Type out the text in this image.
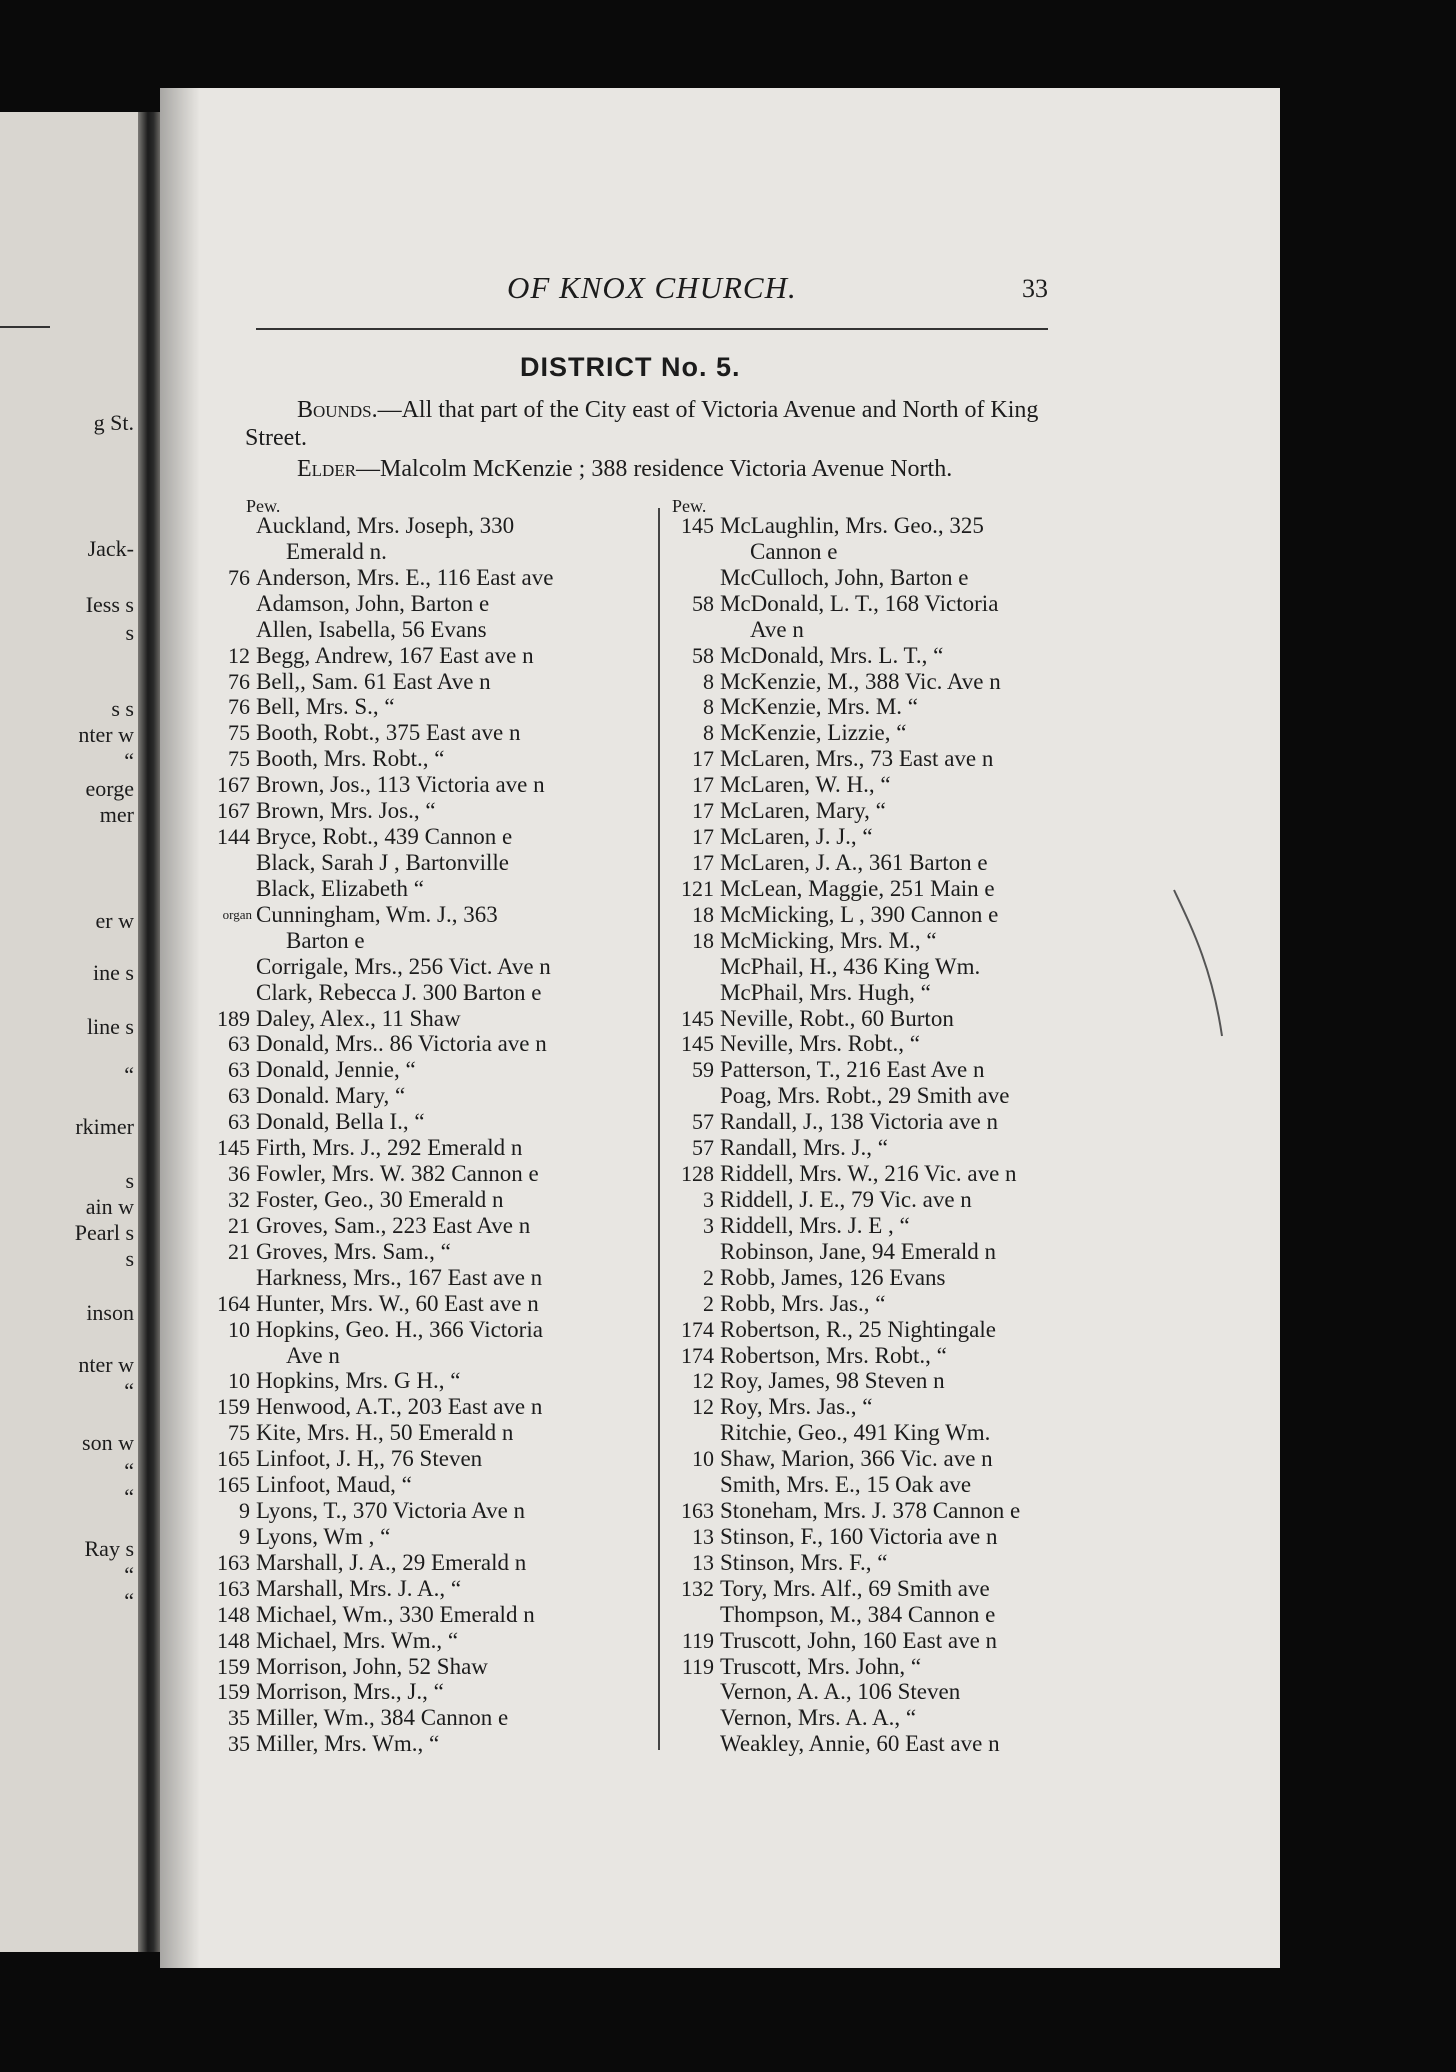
g St.
Jack-
Iess s
s
s s
nter w
“
eorge
mer
er w
ine s
line s
“
rkimer
s
ain w
Pearl s
s
inson
nter w
“
son w
“
“
Ray s
“
“
OF KNOX CHURCH.	33
DISTRICT No. 5.
Bounds.—All that part of the City east of Victoria Avenue and North of King Street.
Elder—Malcolm McKenzie ; 388 residence Victoria Avenue North.
Pew.	Pew.
Auckland, Mrs. Joseph, 330
Emerald n.
76 Anderson, Mrs. E., 116 East ave
Adamson, John, Barton e
Allen, Isabella, 56 Evans
12 Begg, Andrew, 167 East ave n
76 Bell,, Sam. 61 East Ave n
76 Bell, Mrs. S., “
75 Booth, Robt., 375 East ave n
75 Booth, Mrs. Robt., “
167 Brown, Jos., 113 Victoria ave n
167 Brown, Mrs. Jos., “
144 Bryce, Robt., 439 Cannon e
Black, Sarah J , Bartonville
Black, Elizabeth “
organ Cunningham, Wm. J., 363
Barton e
Corrigale, Mrs., 256 Vict. Ave n
Clark, Rebecca J. 300 Barton e
189 Daley, Alex., 11 Shaw
63 Donald, Mrs.. 86 Victoria ave n
63 Donald, Jennie, “
63 Donald. Mary, “
63 Donald, Bella I., “
145 Firth, Mrs. J., 292 Emerald n
36 Fowler, Mrs. W. 382 Cannon e
32 Foster, Geo., 30 Emerald n
21 Groves, Sam., 223 East Ave n
21 Groves, Mrs. Sam., “
Harkness, Mrs., 167 East ave n
164 Hunter, Mrs. W., 60 East ave n
10 Hopkins, Geo. H., 366 Victoria
Ave n
10 Hopkins, Mrs. G H., “
159 Henwood, A.T., 203 East ave n
75 Kite, Mrs. H., 50 Emerald n
165 Linfoot, J. H,, 76 Steven
165 Linfoot, Maud, “
9 Lyons, T., 370 Victoria Ave n
9 Lyons, Wm , “
163 Marshall, J. A., 29 Emerald n
163 Marshall, Mrs. J. A., “
148 Michael, Wm., 330 Emerald n
148 Michael, Mrs. Wm., “
159 Morrison, John, 52 Shaw
159 Morrison, Mrs., J., “
35 Miller, Wm., 384 Cannon e
35 Miller, Mrs. Wm., “
145 McLaughlin, Mrs. Geo., 325
Cannon e
McCulloch, John, Barton e
58 McDonald, L. T., 168 Victoria
Ave n
58 McDonald, Mrs. L. T., “
8 McKenzie, M., 388 Vic. Ave n
8 McKenzie, Mrs. M. “
8 McKenzie, Lizzie, “
17 McLaren, Mrs., 73 East ave n
17 McLaren, W. H., “
17 McLaren, Mary, “
17 McLaren, J. J., “
17 McLaren, J. A., 361 Barton e
121 McLean, Maggie, 251 Main e
18 McMicking, L , 390 Cannon e
18 McMicking, Mrs. M., “
McPhail, H., 436 King Wm.
McPhail, Mrs. Hugh, “
145 Neville, Robt., 60 Burton
145 Neville, Mrs. Robt., “
59 Patterson, T., 216 East Ave n
Poag, Mrs. Robt., 29 Smith ave
57 Randall, J., 138 Victoria ave n
57 Randall, Mrs. J., “
128 Riddell, Mrs. W., 216 Vic. ave n
3 Riddell, J. E., 79 Vic. ave n
3 Riddell, Mrs. J. E , “
Robinson, Jane, 94 Emerald n
2 Robb, James, 126 Evans
2 Robb, Mrs. Jas., “
174 Robertson, R., 25 Nightingale
174 Robertson, Mrs. Robt., “
12 Roy, James, 98 Steven n
12 Roy, Mrs. Jas., “
Ritchie, Geo., 491 King Wm.
10 Shaw, Marion, 366 Vic. ave n
Smith, Mrs. E., 15 Oak ave
163 Stoneham, Mrs. J. 378 Cannon e
13 Stinson, F., 160 Victoria ave n
13 Stinson, Mrs. F., “
132 Tory, Mrs. Alf., 69 Smith ave
Thompson, M., 384 Cannon e
119 Truscott, John, 160 East ave n
119 Truscott, Mrs. John, “
Vernon, A. A., 106 Steven
Vernon, Mrs. A. A., “
Weakley, Annie, 60 East ave n
